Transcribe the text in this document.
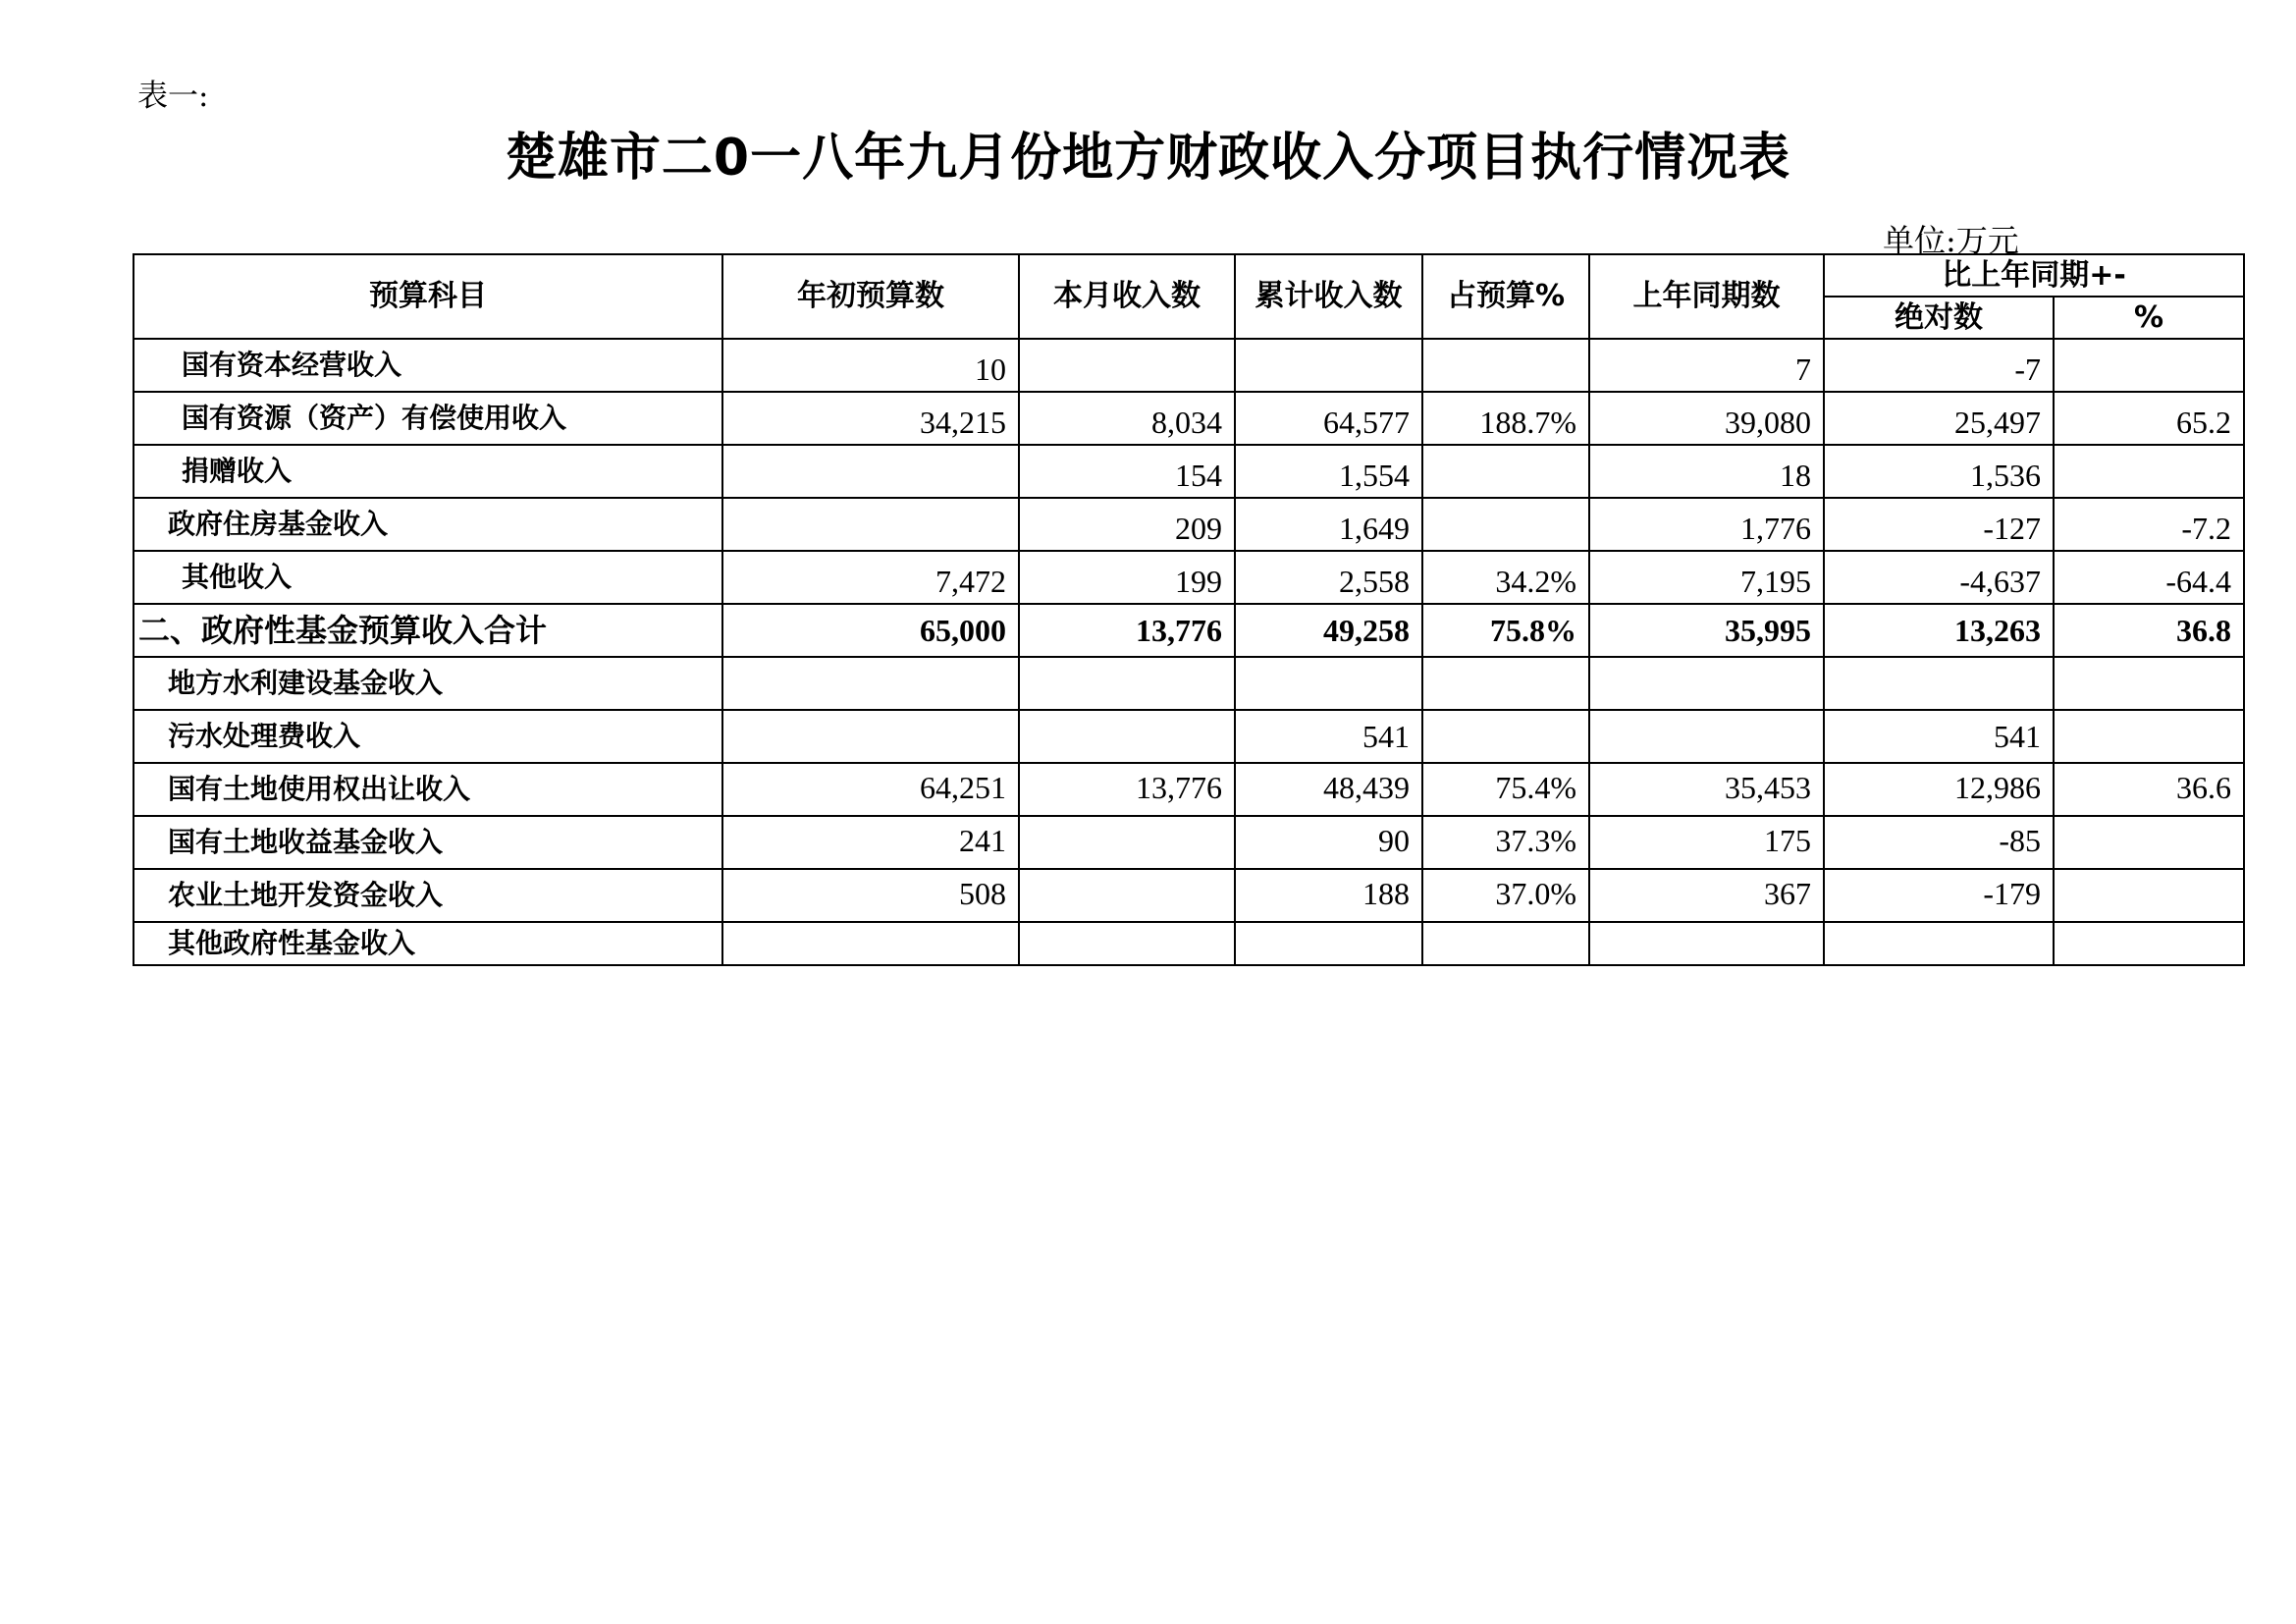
表一:
楚雄市二0一八年九月份地方财政收入分项目执行情况表
单位:万元
预算科目	年初预算数	本月收入数	累计收入数	占预算%	上年同期数	比上年同期+-	
						绝对数	%
国有资本经营收入	10				7	-7	
国有资源（资产）有偿使用收入	34,215	8,034	64,577	188.7%	39,080	25,497	65.2
捐赠收入		154	1,554		18	1,536	
政府住房基金收入		209	1,649		1,776	-127	-7.2
其他收入	7,472	199	2,558	34.2%	7,195	-4,637	-64.4
二、政府性基金预算收入合计	65,000	13,776	49,258	75.8%	35,995	13,263	36.8
地方水利建设基金收入							
污水处理费收入			541			541	
国有土地使用权出让收入	64,251	13,776	48,439	75.4%	35,453	12,986	36.6
国有土地收益基金收入	241		90	37.3%	175	-85	
农业土地开发资金收入	508		188	37.0%	367	-179	
其他政府性基金收入							
